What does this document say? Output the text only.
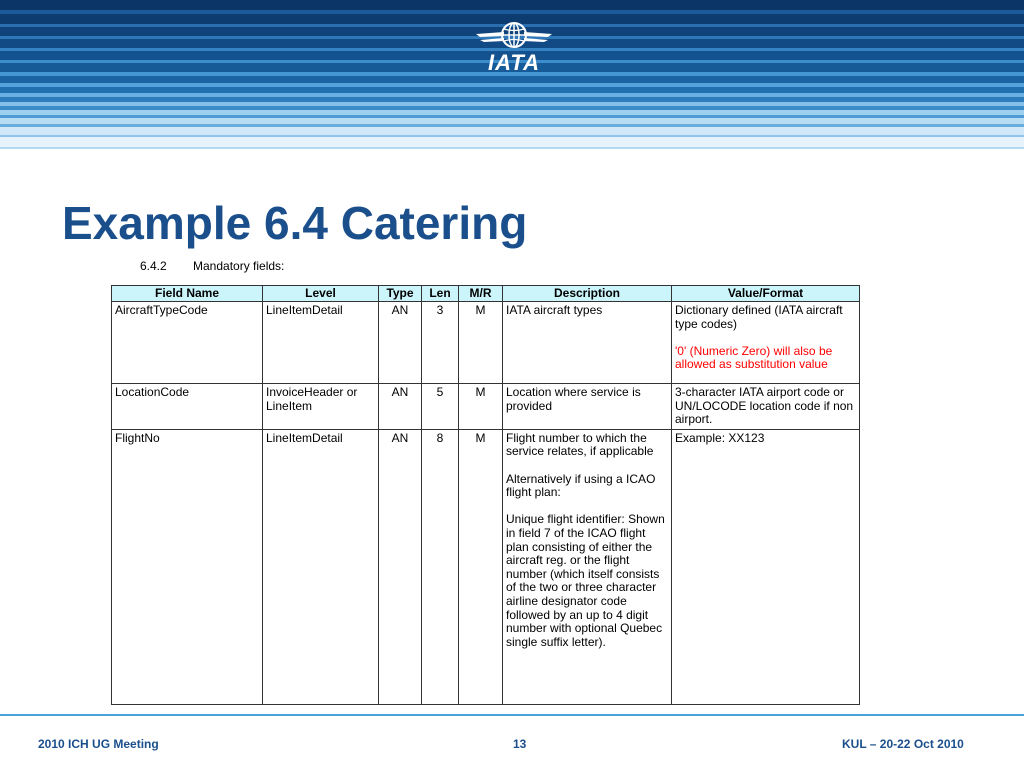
IATA
Example 6.4 Catering
6.4.2 Mandatory fields:
Field Name	Level	Type	Len	M/R	Description	Value/Format
AircraftTypeCode	LineItemDetail	AN	3	M	IATA aircraft types	Dictionary defined (IATA aircraft type codes)
'0' (Numeric Zero) will also be allowed as substitution value

LocationCode	InvoiceHeader or LineItem	AN	5	M	Location where service is provided	3-character IATA airport code or UN/LOCODE location code if non airport.

FlightNo	LineItemDetail	AN	8	M	Flight number to which the service relates, if applicable
Alternatively if using a ICAO flight plan:
Unique flight identifier: Shown in field 7 of the ICAO flight plan consisting of either the aircraft reg. or the flight number (which itself consists of the two or three character airline designator code followed by an up to 4 digit number with optional Quebec single suffix letter).	Example: XX123
2010 ICH UG Meeting	13	KUL – 20-22 Oct 2010
